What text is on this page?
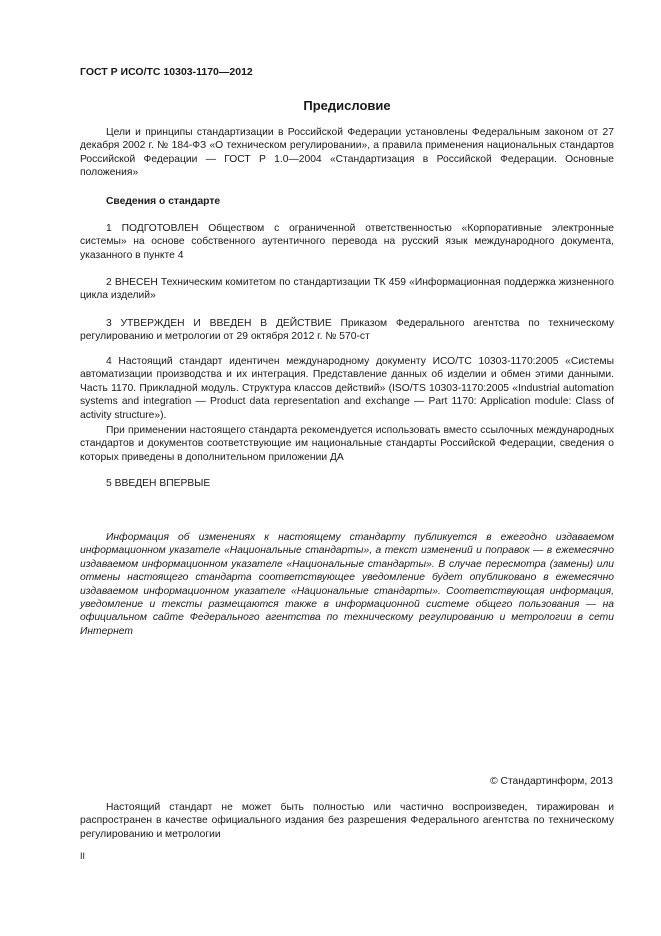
ГОСТ Р ИСО/ТС 10303-1170—2012
Предисловие

Цели и принципы стандартизации в Российской Федерации установлены Федеральным законом от 27 декабря 2002 г. № 184-ФЗ «О техническом регулировании», а правила применения национальных стандартов Российской Федерации — ГОСТ Р 1.0—2004 «Стандартизация в Российской Федерации. Основные положения»

Сведения о стандарте

1 ПОДГОТОВЛЕН Обществом с ограниченной ответственностью «Корпоративные электронные системы» на основе собственного аутентичного перевода на русский язык международного документа, указанного в пункте 4

2 ВНЕСЕН Техническим комитетом по стандартизации ТК 459 «Информационная поддержка жизненного цикла изделий»

3 УТВЕРЖДЕН И ВВЕДЕН В ДЕЙСТВИЕ Приказом Федерального агентства по техническому регулированию и метрологии от 29 октября 2012 г. № 570-ст

4 Настоящий стандарт идентичен международному документу ИСО/ТС 10303-1170:2005 «Системы автоматизации производства и их интеграция. Представление данных об изделии и обмен этими данными. Часть 1170. Прикладной модуль. Структура классов действий» (ISO/TS 10303-1170:2005 «Industrial automation systems and integration — Product data representation and exchange — Part 1170: Application module: Class of activity structure»).

При применении настоящего стандарта рекомендуется использовать вместо ссылочных международных стандартов и документов соответствующие им национальные стандарты Российской Федерации, сведения о которых приведены в дополнительном приложении ДА

5 ВВЕДЕН ВПЕРВЫЕ

Информация об изменениях к настоящему стандарту публикуется в ежегодно издаваемом информационном указателе «Национальные стандарты», а текст изменений и поправок — в ежемесячно издаваемом информационном указателе «Национальные стандарты». В случае пересмотра (замены) или отмены настоящего стандарта соответствующее уведомление будет опубликовано в ежемесячно издаваемом информационном указателе «Национальные стандарты». Соответствующая информация, уведомление и тексты размещаются также в информационной системе общего пользования — на официальном сайте Федерального агентства по техническому регулированию и метрологии в сети Интернет

© Стандартинформ, 2013

Настоящий стандарт не может быть полностью или частично воспроизведен, тиражирован и распространен в качестве официального издания без разрешения Федерального агентства по техническому регулированию и метрологии

II
